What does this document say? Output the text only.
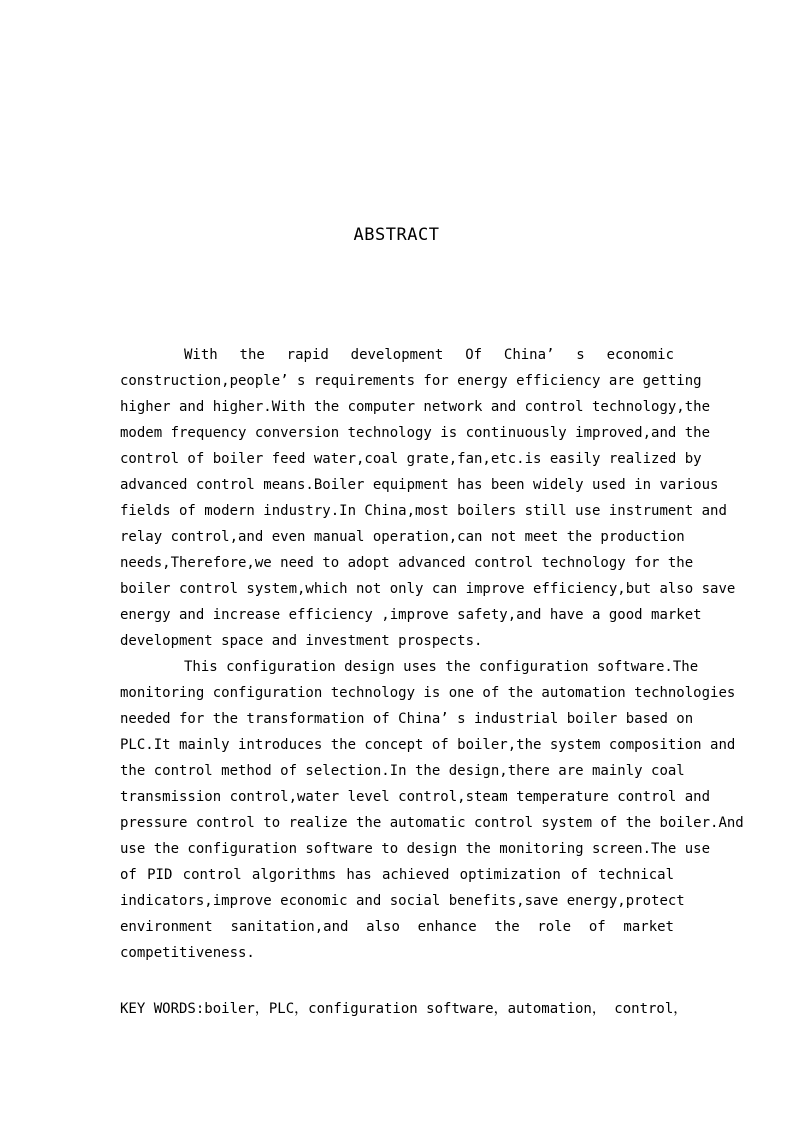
ABSTRACT
With the rapid development Of China’ s economic
construction,people’ s requirements for energy efficiency are getting
higher and higher.With the computer network and control technology,the
modem frequency conversion technology is continuously improved,and the
control of boiler feed water,coal grate,fan,etc.is easily realized by
advanced control means.Boiler equipment has been widely used in various
fields of modern industry.In China,most boilers still use instrument and
relay control,and even manual operation,can not meet the production
needs,Therefore,we need to adopt advanced control technology for the
boiler control system,which not only can improve efficiency,but also save
energy and increase efficiency ,improve safety,and have a good market
development space and investment prospects.
This configuration design uses the configuration software.The
monitoring configuration technology is one of the automation technologies
needed for the transformation of China’ s industrial boiler based on
PLC.It mainly introduces the concept of boiler,the system composition and
the control method of selection.In the design,there are mainly coal
transmission control,water level control,steam temperature control and
pressure control to realize the automatic control system of the boiler.And
use the configuration software to design the monitoring screen.The use
of PID control algorithms has achieved optimization of technical
indicators,improve economic and social benefits,save energy,protect
environment sanitation,and also enhance the role of market
competitiveness.
KEY WORDS:boiler，PLC，configuration software，automation， control，
